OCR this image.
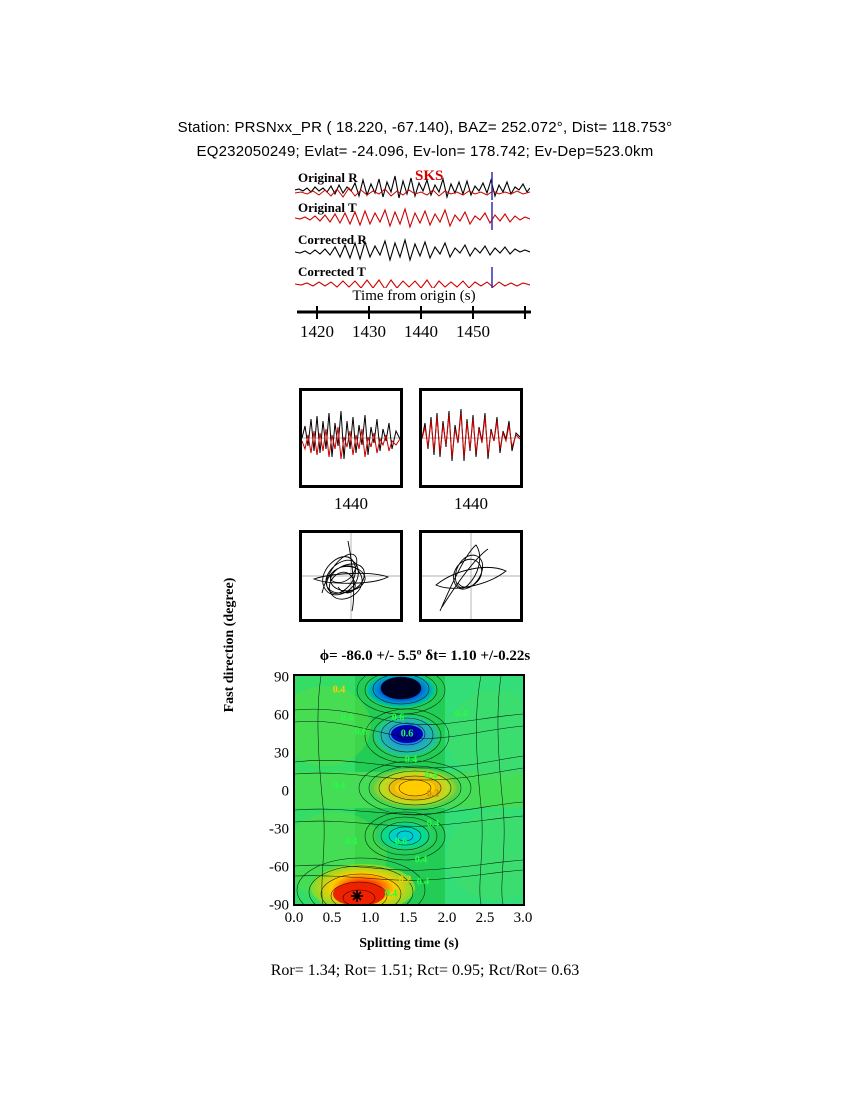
Station: PRSNxx_PR ( 18.220, -67.140), BAZ= 252.072°, Dist= 118.753°
EQ232050249; Evlat= -24.096, Ev-lon= 178.742; Ev-Dep=523.0km
SKS
Original R
Original T
Corrected R
Corrected T
Time from origin (s)
1420 1430 1440 1450
1440	1440
ϕ= -86.0 +/- 5.5º δt= 1.10 +/-0.22s
Fast direction (degree) 90
60
30
0
-30
-60
-90
0.4
0.4	0.6	0.4
0.6	0.6
0.4
0.4
0.4
0.2
0.4
0.6
0.4
0.4
0.2 0.4
0.4
0.0 0.5 1.0 1.5 2.0 2.5 3.0
Splitting time (s)
Ror= 1.34; Rot= 1.51; Rct= 0.95; Rct/Rot= 0.63
